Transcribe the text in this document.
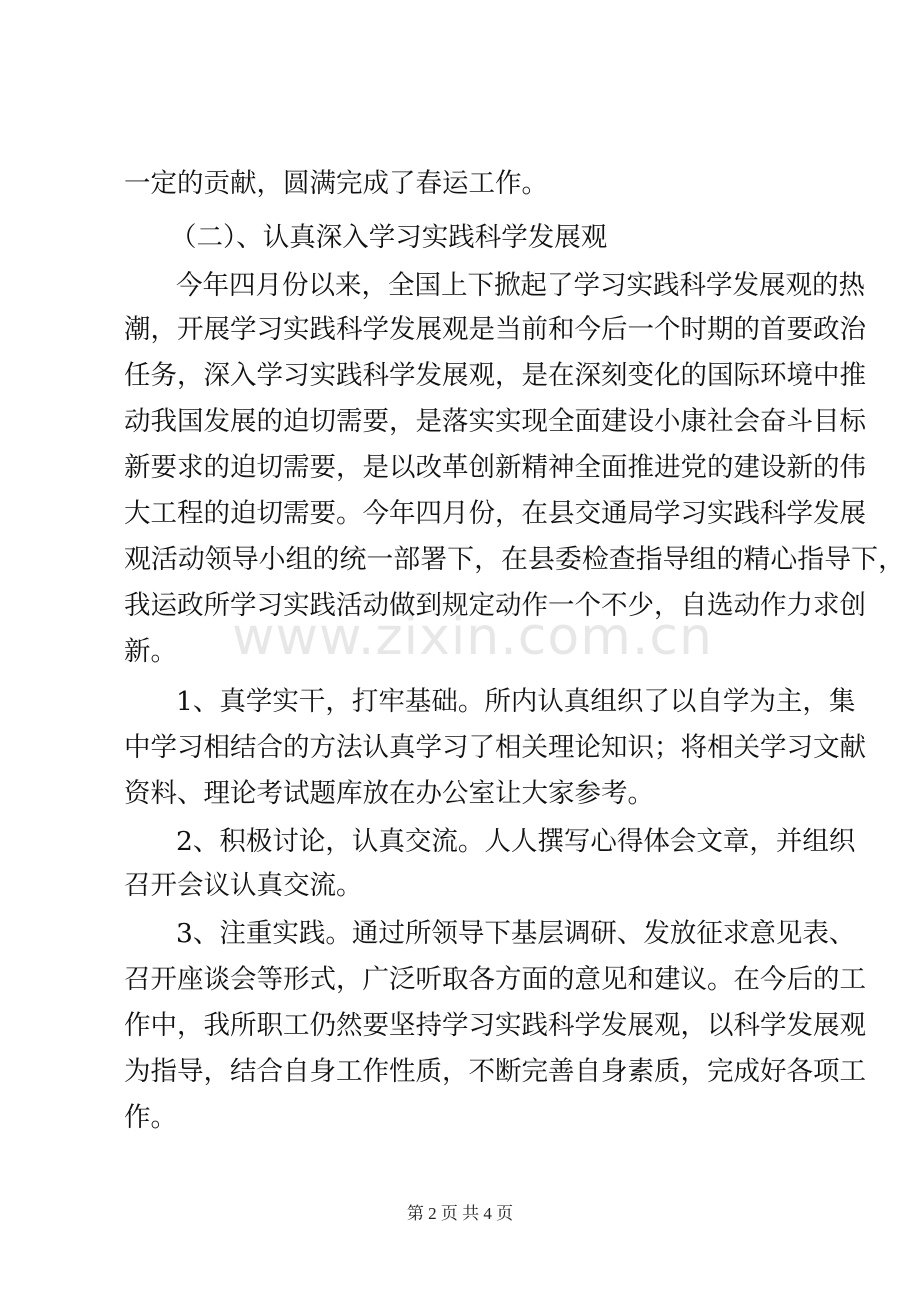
一定的贡献，圆满完成了春运工作。
（二）、认真深入学习实践科学发展观
今年四月份以来，全国上下掀起了学习实践科学发展观的热
潮，开展学习实践科学发展观是当前和今后一个时期的首要政治
任务，深入学习实践科学发展观，是在深刻变化的国际环境中推
动我国发展的迫切需要，是落实实现全面建设小康社会奋斗目标
新要求的迫切需要，是以改革创新精神全面推进党的建设新的伟
大工程的迫切需要。今年四月份，在县交通局学习实践科学发展
观活动领导小组的统一部署下，在县委检查指导组的精心指导下，
我运政所学习实践活动做到规定动作一个不少，自选动作力求创
新。
1、真学实干，打牢基础。所内认真组织了以自学为主，集
中学习相结合的方法认真学习了相关理论知识；将相关学习文献
资料、理论考试题库放在办公室让大家参考。
2、积极讨论，认真交流。人人撰写心得体会文章，并组织
召开会议认真交流。
3、注重实践。通过所领导下基层调研、发放征求意见表、
召开座谈会等形式，广泛听取各方面的意见和建议。在今后的工
作中，我所职工仍然要坚持学习实践科学发展观，以科学发展观
为指导，结合自身工作性质，不断完善自身素质，完成好各项工
作。
www.zixin.com.cn
第 2 页 共 4 页
